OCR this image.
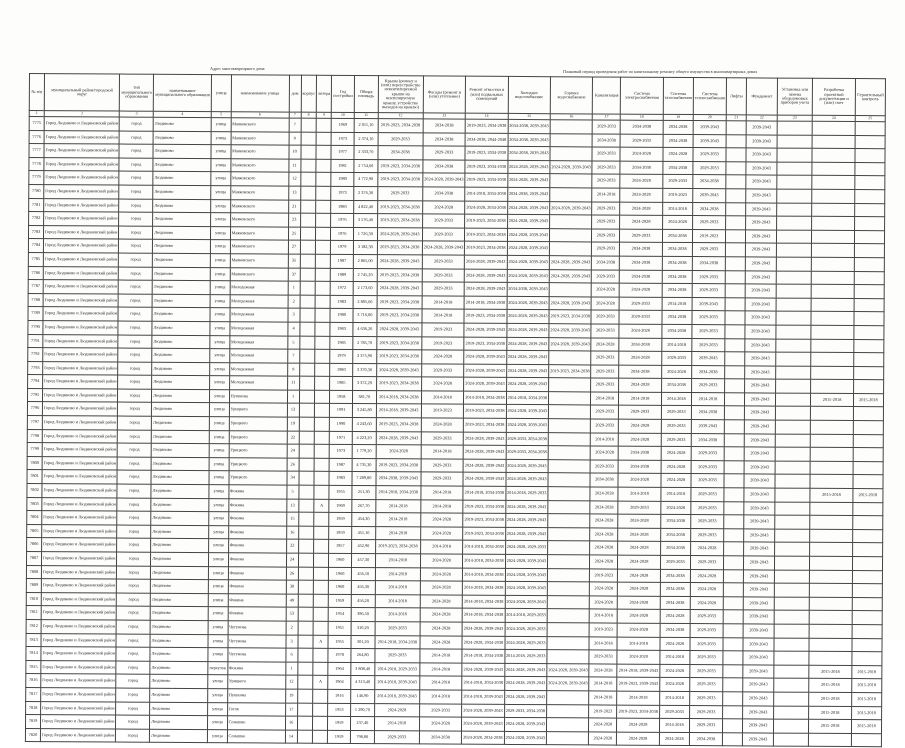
Адрес многоквартирного дома
Плановый период проведения работ по капитальному ремонту общего имущества в многоквартирных домах
№ п/п	муниципальный район/городской округ	тип муниципального образования	наименование муниципального образования	улица	наименование улицы	дом	корпус	литера	Год постройки	Общая площадь	Крыша (ремонт и (или) переустройство невентилируемой крыши на вентилируемую крышу, устройство выходов на кровлю)	Фасады (ремонт и (или) утепление)	Ремонт отмостки и (или) подвальных помещений	Холодное водоснабжение	Горячее водоснабжение	Канализация	Система электроснабжения	Система газоснабжения	Система теплоснабжения	Лифты	Фундамент	Установка или замена общедомовых приборов учета	Разработка проектной документации и (или) смет	Строительный контроль
1	2	3	4	5	6	7	8	9	10	11	12	13	14	15	16	17	18	19	20	21	22	23	24	25
7775	Город Людиново и Людиновский район	город	Людиново	улица	Маяковского	7			1969	2 011,10	2019-2023, 2034-2038	2034-2038	2019-2023, 2034-2038	2034-2038, 2039-2043		2029-2033	2034-2038	2034-2038	2039-2043		2039-2043			
7776	Город Людиново и Людиновский район	город	Людиново	улица	Маяковского	9			1973	2 374,10	2029-2033	2034-2038	2034-2038, 2044-2048	2034-2038, 2039-2043		2034-2038	2029-2033	2034-2038	2039-2043		2039-2043			
7777	Город Людиново и Людиновский район	город	Людиново	улица	Маяковского	10			1977	2 333,70	2034-2038	2029-2033	2019-2023, 2034-2038	2034-2038, 2039-2043		2029-2033	2024-2028	2024-2028	2029-2033		2039-2043			
7778	Город Людиново и Людиновский район	город	Людиново	улица	Маяковского	11			1981	2 754,60	2019-2023, 2034-2038	2034-2038	2019-2023, 2034-2038	2024-2028, 2039-2043	2024-2028, 2039-2043	2029-2033	2034-2038	2034-2038	2029-2033		2039-2043			
7779	Город Людиново и Людиновский район	город	Людиново	улица	Маяковского	12			1980	4 772,90	2019-2023, 2034-2038	2024-2028, 2039-2043	2019-2023, 2034-2038	2024-2028, 2039-2043		2029-2033	2024-2028	2029-2033	2034-2038		2039-2043			
7780	Город Людиново и Людиновский район	город	Людиново	улица	Маяковского	13			1973	2 376,30	2029-2033	2034-2038	2014-2018, 2034-2038	2034-2038, 2039-2043		2014-2018	2024-2028	2019-2023	2039-2043		2039-2043			
7781	Город Людиново и Людиновский район	город	Людиново	улица	Маяковского	21			1980	4 822,40	2019-2023, 2034-2038	2024-2028	2024-2028, 2034-2038	2024-2028, 2039-2043	2024-2028, 2039-2043	2029-2033	2024-2028	2014-2018	2034-2038		2039-2043			
7782	Город Людиново и Людиновский район	город	Людиново	улица	Маяковского	23			1976	3 576,40	2019-2023, 2034-2038	2029-2033	2019-2023, 2034-2038	2024-2028, 2039-2043		2029-2033	2024-2028	2024-2028	2029-2033		2039-2043			
7783	Город Людиново и Людиновский район	город	Людиново	улица	Маяковского	25			1976	1 726,30	2024-2028, 2039-2043	2029-2033	2019-2023, 2034-2038	2024-2028, 2039-2043		2029-2033	2029-2033	2034-2038	2019-2023		2039-2043			
7784	Город Людиново и Людиновский район	город	Людиново	улица	Маяковского	27			1979	3 182,30	2019-2023, 2034-2038	2024-2028, 2039-2043	2019-2023, 2034-2038	2024-2028, 2039-2043		2029-2033	2034-2038	2034-2038	2029-2033		2039-2043			
7785	Город Людиново и Людиновский район	город	Людиново	улица	Маяковского	35			1987	2 865,00	2024-2028, 2039-2043	2029-2033	2024-2028, 2039-2043	2024-2028, 2039-2043	2024-2028, 2039-2043	2034-2038	2034-2038	2034-2038	2034-2038		2039-2043			
7786	Город Людиново и Людиновский район	город	Людиново	улица	Маяковского	37			1989	2 745,20	2019-2023, 2034-2038	2029-2033	2024-2028, 2039-2043	2024-2028, 2039-2043	2024-2028, 2039-2043	2029-2033	2034-2038	2034-2038	2029-2033		2039-2043			
7787	Город Людиново и Людиновский район	город	Людиново	улица	Молодежная	1			1972	2 173,60	2024-2028, 2039-2043	2029-2033	2024-2028, 2039-2043	2034-2038, 2039-2043		2024-2028	2024-2028	2034-2038	2029-2033		2039-2043			
7788	Город Людиново и Людиновский район	город	Людиново	улица	Молодежная	2			1983	2 805,60	2019-2023, 2034-2038	2014-2018	2014-2018, 2034-2038	2024-2028, 2039-2043	2024-2028, 2039-2043	2024-2028	2029-2033	2014-2018	2039-2043		2039-2043			
7789	Город Людиново и Людиновский район	город	Людиново	улица	Молодежная	3			1980	3 716,00	2019-2023, 2034-2038	2014-2018	2019-2023, 2034-2038	2024-2028, 2039-2043	2019-2023, 2034-2038	2029-2033	2029-2033	2034-2038	2029-2033		2039-2043			
7790	Город Людиново и Людиновский район	город	Людиново	улица	Молодежная	4			1983	4 636,20	2024-2028, 2039-2043	2019-2023	2024-2028, 2039-2043	2024-2028, 2039-2043	2024-2028, 2039-2043	2029-2033	2024-2028	2034-2038	2029-2033		2039-2043			
7791	Город Людиново и Людиновский район	город	Людиново	улица	Молодежная	5			1985	2 785,70	2019-2023, 2034-2038	2019-2023	2019-2023, 2034-2038	2024-2028, 2039-2043	2024-2028, 2039-2043	2024-2028	2034-2038	2014-2018	2029-2033		2039-2043			
7792	Город Людиново и Людиновский район	город	Людиново	улица	Молодежная	7			1979	3 375,90	2019-2023, 2034-2038	2024-2028	2024-2028, 2039-2043	2024-2028, 2039-2043		2029-2033	2024-2028	2029-2033	2039-2043		2039-2043			
7793	Город Людиново и Людиновский район	город	Людиново	улица	Молодежная	9			1980	3 370,30	2024-2028, 2039-2043	2029-2033	2024-2028, 2039-2043	2024-2028, 2039-2043	2019-2023, 2034-2038	2029-2033	2034-2038	2024-2028	2034-2038		2039-2043			
7794	Город Людиново и Людиновский район	город	Людиново	улица	Молодежная	11			1985	3 372,20	2019-2023, 2034-2038	2024-2028	2024-2028, 2039-2043	2024-2028, 2039-2043		2029-2033	2024-2028	2034-2038	2029-2033		2039-2043			
7795	Город Людиново и Людиновский район	город	Людиново	улица	Пушкина	1			1958	381,70	2014-2018, 2034-2038	2014-2018	2014-2018, 2034-2038	2014-2018, 2034-2038		2014-2018	2014-2018	2014-2018	2014-2018		2039-2043		2015-2018	2015-2018
7796	Город Людиново и Людиновский район	город	Людиново	улица	Урицкого	13			1991	3 245,80	2014-2018, 2039-2043	2019-2023	2019-2023, 2034-2038	2024-2028, 2039-2043		2029-2033	2029-2033	2029-2033	2034-2038		2039-2043			
7797	Город Людиново и Людиновский район	город	Людиново	улица	Урицкого	19			1990	4 243,60	2019-2023, 2034-2038	2024-2028	2019-2023, 2034-2038	2024-2028, 2039-2043		2029-2033	2024-2028	2029-2033	2039-2043		2039-2043			
7798	Город Людиново и Людиновский район	город	Людиново	улица	Урицкого	22			1971	4 223,20	2024-2028, 2039-2043	2029-2033	2024-2028, 2039-2043	2029-2033, 2034-2038		2014-2018	2024-2028	2029-2033	2034-2038		2039-2043			
7799	Город Людиново и Людиновский район	город	Людиново	улица	Урицкого	24			1973	1 779,20	2024-2028	2014-2018	2024-2028, 2039-2043	2029-2033, 2034-2038		2024-2028	2034-2038	2024-2028	2029-2033		2039-2043			
7800	Город Людиново и Людиновский район	город	Людиново	улица	Урицкого	26			1987	4 735,30	2019-2023, 2034-2038	2029-2033	2024-2028, 2039-2043	2024-2028, 2039-2043		2029-2033	2034-2038	2024-2028	2029-2033		2039-2043			
7801	Город Людиново и Людиновский район	город	Людиново	улица	Урицкого	34			1983	7 289,80	2034-2038, 2039-2043	2029-2033	2024-2028, 2039-2043	2024-2028, 2039-2043		2034-2038	2024-2028	2024-2028	2029-2033		2039-2043			
7802	Город Людиново и Людиновский район	город	Людиново	улица	Фокина	5			1955	251,30	2014-2018, 2034-2038	2014-2018	2014-2018, 2034-2038	2014-2018, 2029-2033		2024-2028	2014-2018	2014-2018	2029-2033		2039-2043		2015-2018	2015-2018
7803	Город Людиново и Людиновский район	город	Людиново	улица	Фокина	13		А	1969	267,70	2014-2018	2014-2018	2019-2023, 2034-2038	2024-2028, 2039-2043		2024-2028	2029-2033	2024-2028	2029-2033		2039-2043			
7804	Город Людиново и Людиновский район	город	Людиново	улица	Фокина	15			1959	454,30	2014-2018	2024-2028	2019-2023, 2034-2038	2024-2028, 2039-2043		2024-2028	2024-2028	2034-2038	2029-2033		2039-2043			
7805	Город Людиново и Людиновский район	город	Людиново	улица	Фокина	16			1959	451,10	2014-2018	2024-2028	2019-2023, 2034-2038	2024-2028, 2039-2043		2024-2028	2024-2028	2034-2038	2029-2033		2039-2043			
7806	Город Людиново и Людиновский район	город	Людиново	улица	Фокина	22			1957	452,90	2019-2023, 2034-2038	2014-2018	2014-2018, 2034-2038	2024-2028, 2029-2033		2024-2028	2024-2028	2034-2038	2024-2028		2039-2043			
7807	Город Людиново и Людиновский район	город	Людиново	улица	Фокина	24			1960	457,30	2014-2018	2024-2028	2014-2018, 2034-2038	2024-2028, 2039-2043		2024-2028	2024-2028	2029-2033	2029-2033		2039-2043			
7808	Город Людиново и Людиновский район	город	Людиново	улица	Фокина	26			1960	456,10	2014-2018	2024-2028	2014-2018, 2034-2038	2024-2028, 2039-2043		2019-2023	2024-2028	2034-2038	2024-2028		2039-2043			
7809	Город Людиново и Людиновский район	город	Людиново	улица	Фокина	30			1960	456,30	2014-2018	2024-2028	2014-2018, 2034-2038	2024-2028, 2039-2043		2024-2028	2024-2028	2034-2038	2024-2028		2039-2043			
7810	Город Людиново и Людиновский район	город	Людиново	улица	Фокина	49			1959	456,20	2014-2018	2024-2028	2014-2018, 2034-2038	2024-2028, 2039-2043		2024-2028	2024-2028	2034-2038	2024-2028		2039-2043			
7811	Город Людиново и Людиновский район	город	Людиново	улица	Фокина	53			1954	396,50	2014-2018	2024-2028	2014-2018, 2034-2038	2014-2018, 2029-2033		2014-2018	2024-2028	2024-2028	2029-2033		2039-2043			
7812	Город Людиново и Людиновский район	город	Людиново	улица	Чугунова	2			1951	310,20	2029-2033	2024-2028	2024-2028, 2039-2043	2024-2028, 2029-2033		2019-2023	2024-2028	2034-2038	2029-2033		2039-2043			
7813	Город Людиново и Людиновский район	город	Людиново	улица	Чугунова	3		А	1955	301,20	2014-2018, 2034-2038	2024-2028	2024-2028, 2034-2038	2024-2028, 2029-2033		2014-2018	2014-2018	2024-2028	2029-2033		2039-2043			
7814	Город Людиново и Людиновский район	город	Людиново	улица	Чугунова	6			1978	264,80	2029-2033	2014-2018	2014-2018, 2034-2038	2014-2018, 2029-2033		2029-2033	2024-2028	2014-2018	2029-2033		2039-2043			
7815	Город Людиново и Людиновский район	город	Людиново	переулок	Фокина	1			1964	3 808,40	2014-2018, 2029-2033	2014-2018	2024-2028, 2039-2043	2024-2028, 2039-2043	2024-2028, 2039-2043	2024-2028	2014-2018, 2039-2043	2024-2028	2029-2033		2039-2043		2015-2018	2015-2018
7816	Город Людиново и Людиновский район	город	Людиново	улица	Урицкого	12		А	1964	4 313,40	2014-2018, 2039-2043	2014-2018	2014-2018, 2034-2038	2024-2028, 2039-2043	2024-2028, 2039-2043	2014-2018	2019-2023, 2039-2043	2024-2028	2029-2033		2039-2043		2015-2018	2015-2018
7817	Город Людиново и Людиновский район	город	Людиново	улица	Пушкина	19			1916	146,90	2014-2018, 2039-2043	2014-2018	2014-2018, 2039-2043	2024-2028, 2039-2043		2014-2018	2014-2018	2014-2018	2029-2033		2039-2043		2015-2018	2015-2018
7818	Город Людиново и Людиновский район	город	Людиново	улица	Гогля	17			1953	1 290,70	2024-2028	2029-2033	2024-2028, 2039-2043	2029-2033, 2034-2038		2019-2023	2019-2023, 2034-2038	2029-2033	2029-2033		2039-2043		2015-2018	2015-2018
7819	Город Людиново и Людиновский район	город	Людиново	улица	Семашко	16			1959	237,40	2014-2018	2024-2028	2024-2028, 2039-2043	2024-2028, 2039-2043		2024-2028	2024-2028	2014-2018	2029-2033		2039-2043		2015-2018	2015-2018
7820	Город Людиново и Людиновский район	город	Людиново	улица	Семашко	14			1959	798,80	2029-2033	2034-2038	2024-2028, 2034-2038	2024-2028, 2039-2043		2024-2028	2024-2028	2024-2028	2034-2038		2039-2043			
